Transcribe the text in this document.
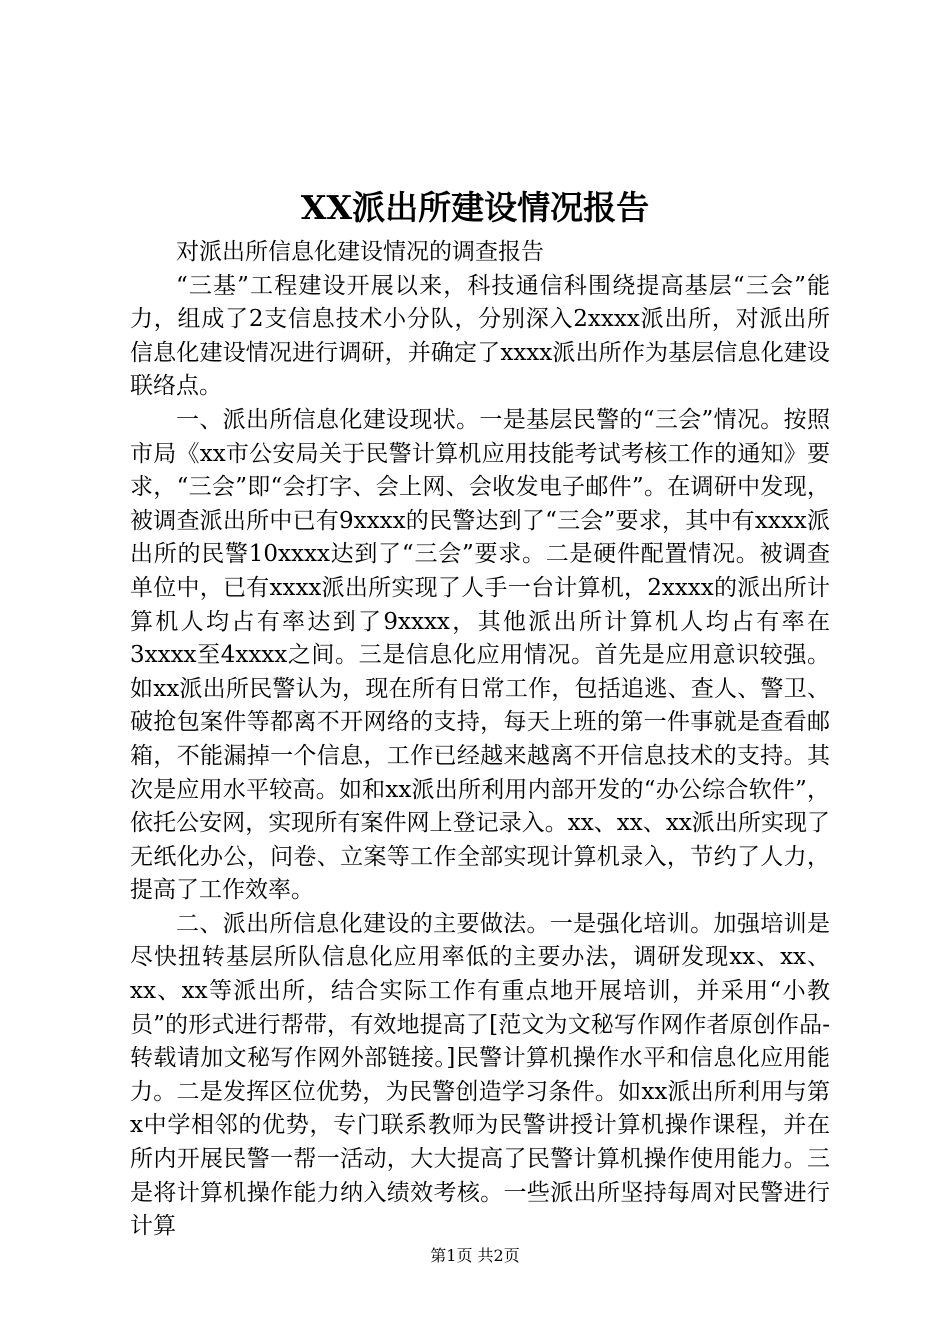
XX派出所建设情况报告

对派出所信息化建设情况的调查报告

“三基”工程建设开展以来，科技通信科围绕提高基层“三会”能力，组成了2支信息技术小分队，分别深入2xxxx派出所，对派出所信息化建设情况进行调研，并确定了xxxx派出所作为基层信息化建设联络点。

一、派出所信息化建设现状。一是基层民警的“三会”情况。按照市局《xx市公安局关于民警计算机应用技能考试考核工作的通知》要求，“三会”即“会打字、会上网、会收发电子邮件”。在调研中发现，被调查派出所中已有9xxxx的民警达到了“三会”要求，其中有xxxx派出所的民警10xxxx达到了“三会”要求。二是硬件配置情况。被调查单位中，已有xxxx派出所实现了人手一台计算机，2xxxx的派出所计算机人均占有率达到了9xxxx，其他派出所计算机人均占有率在3xxxx至4xxxx之间。三是信息化应用情况。首先是应用意识较强。如xx派出所民警认为，现在所有日常工作，包括追逃、查人、警卫、破抢包案件等都离不开网络的支持，每天上班的第一件事就是查看邮箱，不能漏掉一个信息，工作已经越来越离不开信息技术的支持。其次是应用水平较高。如和xx派出所利用内部开发的“办公综合软件”，依托公安网，实现所有案件网上登记录入。xx、xx、xx派出所实现了无纸化办公，问卷、立案等工作全部实现计算机录入，节约了人力，提高了工作效率。

二、派出所信息化建设的主要做法。一是强化培训。加强培训是尽快扭转基层所队信息化应用率低的主要办法，调研发现xx、xx、xx、xx等派出所，结合实际工作有重点地开展培训，并采用“小教员”的形式进行帮带，有效地提高了[范文为文秘写作网作者原创作品-转载请加文秘写作网外部链接。]民警计算机操作水平和信息化应用能力。二是发挥区位优势，为民警创造学习条件。如xx派出所利用与第x中学相邻的优势，专门联系教师为民警讲授计算机操作课程，并在所内开展民警一帮一活动，大大提高了民警计算机操作使用能力。三是将计算机操作能力纳入绩效考核。一些派出所坚持每周对民警进行计算

第1页 共2页
